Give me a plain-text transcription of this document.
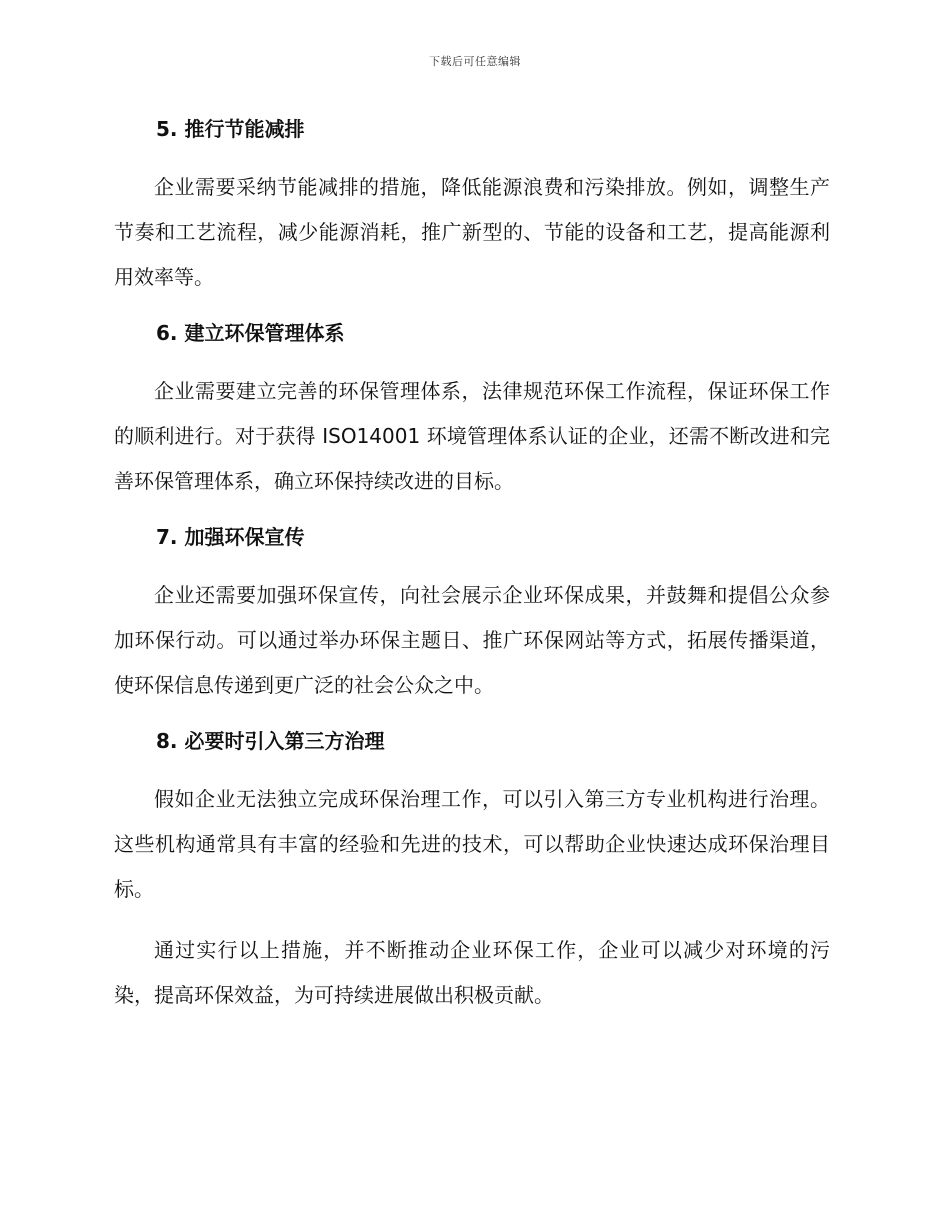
下载后可任意编辑
5. 推行节能减排

企业需要采纳节能减排的措施，降低能源浪费和污染排放。例如，调整生产节奏和工艺流程，减少能源消耗，推广新型的、节能的设备和工艺，提高能源利用效率等。

6. 建立环保管理体系

企业需要建立完善的环保管理体系，法律规范环保工作流程，保证环保工作的顺利进行。对于获得 ISO14001 环境管理体系认证的企业，还需不断改进和完善环保管理体系，确立环保持续改进的目标。

7. 加强环保宣传

企业还需要加强环保宣传，向社会展示企业环保成果，并鼓舞和提倡公众参加环保行动。可以通过举办环保主题日、推广环保网站等方式，拓展传播渠道，使环保信息传递到更广泛的社会公众之中。

8. 必要时引入第三方治理

假如企业无法独立完成环保治理工作，可以引入第三方专业机构进行治理。这些机构通常具有丰富的经验和先进的技术，可以帮助企业快速达成环保治理目标。

通过实行以上措施，并不断推动企业环保工作，企业可以减少对环境的污染，提高环保效益，为可持续进展做出积极贡献。
